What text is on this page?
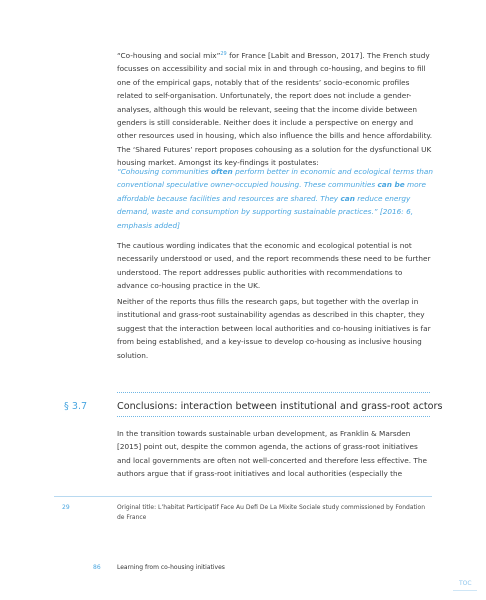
“Co-housing and social mix”$^{29}$ for France [Labit and Bresson, 2017]. The French study focusses on accessibility and social mix in and through co-housing, and begins to fill one of the empirical gaps, notably that of the residents’ socio-economic profiles related to self-organisation. Unfortunately, the report does not include a gender-analyses, although this would be relevant, seeing that the income divide between genders is still considerable. Neither does it include a perspective on energy and other resources used in housing, which also influence the bills and hence affordability. The ‘Shared Futures’ report proposes cohousing as a solution for the dysfunctional UK housing market. Amongst its key-findings it postulates:

“Cohousing communities often perform better in economic and ecological terms than conventional speculative owner-occupied housing. These communities can be more affordable because facilities and resources are shared. They can reduce energy demand, waste and consumption by supporting sustainable practices.” [2016: 6, emphasis added]

The cautious wording indicates that the economic and ecological potential is not necessarily understood or used, and the report recommends these need to be further understood. The report addresses public authorities with recommendations to advance co-housing practice in the UK.

Neither of the reports thus fills the research gaps, but together with the overlap in institutional and grass-root sustainability agendas as described in this chapter, they suggest that the interaction between local authorities and co-housing initiatives is far from being established, and a key-issue to develop co-housing as inclusive housing solution.

§ 3.7	Conclusions: interaction between institutional and grass-root actors

In the transition towards sustainable urban development, as Franklin & Marsden [2015] point out, despite the common agenda, the actions of grass-root initiatives and local governments are often not well-concerted and therefore less effective. The authors argue that if grass-root initiatives and local authorities (especially the

29	Original title: L’habitat Participatif Face Au Defi De La Mixite Sociale study commissioned by Fondation de France
86	Learning from co-housing initiatives
TOC
